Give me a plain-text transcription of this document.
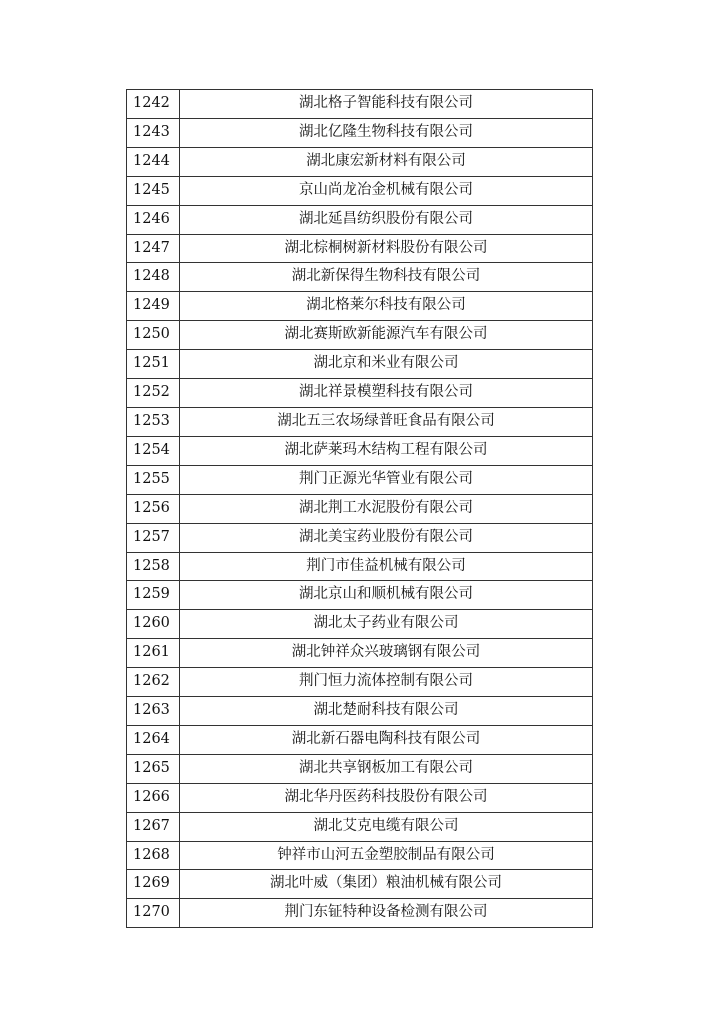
1242	湖北格子智能科技有限公司
1243	湖北亿隆生物科技有限公司
1244	湖北康宏新材料有限公司
1245	京山尚龙冶金机械有限公司
1246	湖北延昌纺织股份有限公司
1247	湖北棕桐树新材料股份有限公司
1248	湖北新保得生物科技有限公司
1249	湖北格莱尔科技有限公司
1250	湖北赛斯欧新能源汽车有限公司
1251	湖北京和米业有限公司
1252	湖北祥景模塑科技有限公司
1253	湖北五三农场绿普旺食品有限公司
1254	湖北萨莱玛木结构工程有限公司
1255	荆门正源光华管业有限公司
1256	湖北荆工水泥股份有限公司
1257	湖北美宝药业股份有限公司
1258	荆门市佳益机械有限公司
1259	湖北京山和顺机械有限公司
1260	湖北太子药业有限公司
1261	湖北钟祥众兴玻璃钢有限公司
1262	荆门恒力流体控制有限公司
1263	湖北楚耐科技有限公司
1264	湖北新石器电陶科技有限公司
1265	湖北共享钢板加工有限公司
1266	湖北华丹医药科技股份有限公司
1267	湖北艾克电缆有限公司
1268	钟祥市山河五金塑胶制品有限公司
1269	湖北叶威（集团）粮油机械有限公司
1270	荆门东钲特种设备检测有限公司
